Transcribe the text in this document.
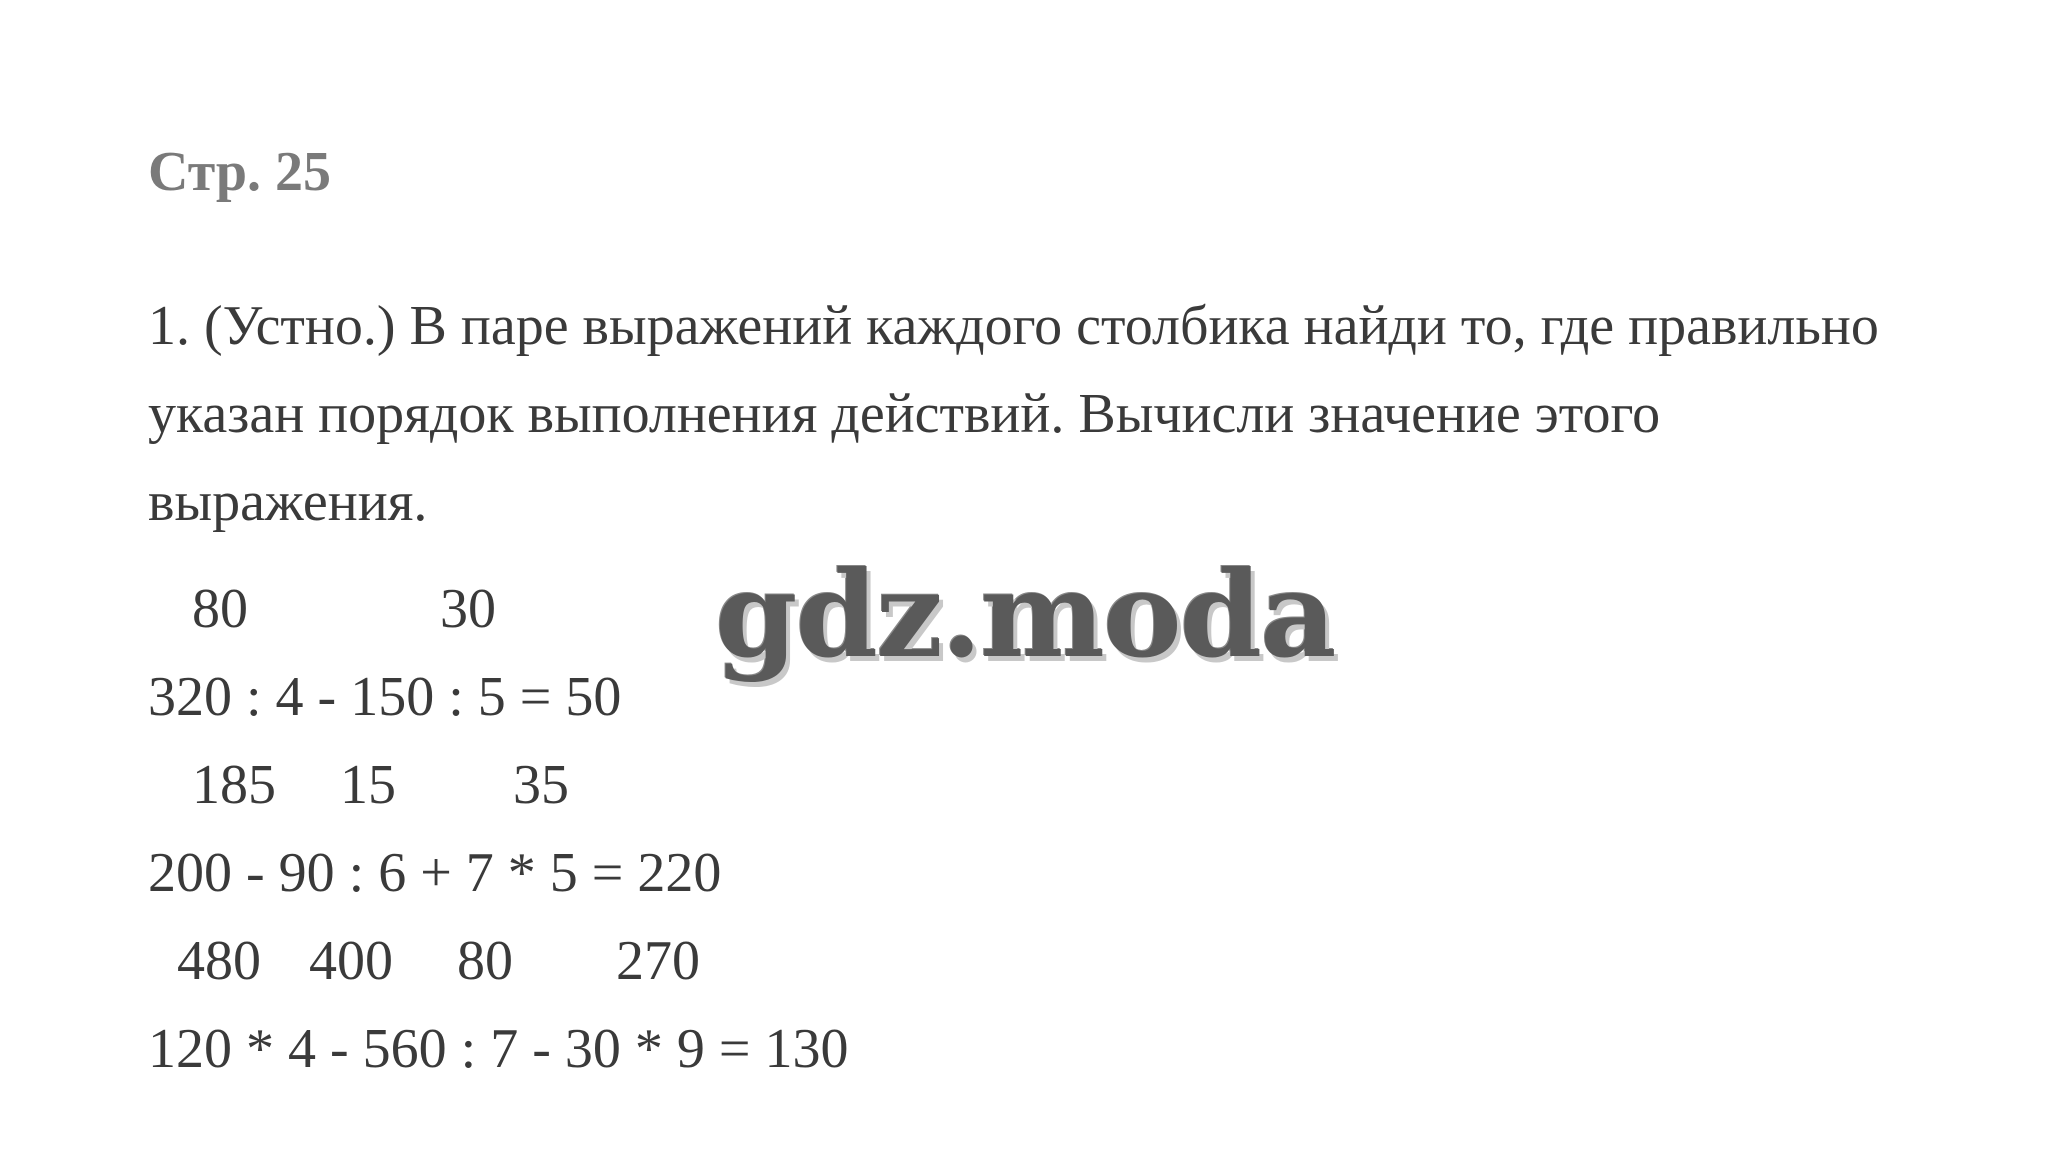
Стр. 25

1. (Устно.) В паре выражений каждого столбика найди то, где правильно указан порядок выполнения действий. Вычисли значение этого выражения.

80	30
320 : 4 - 150 : 5 = 50
185 15 35
200 - 90 : 6 + 7 * 5 = 220
480 400 80 270
120 * 4 - 560 : 7 - 30 * 9 = 130
gdz.moda
